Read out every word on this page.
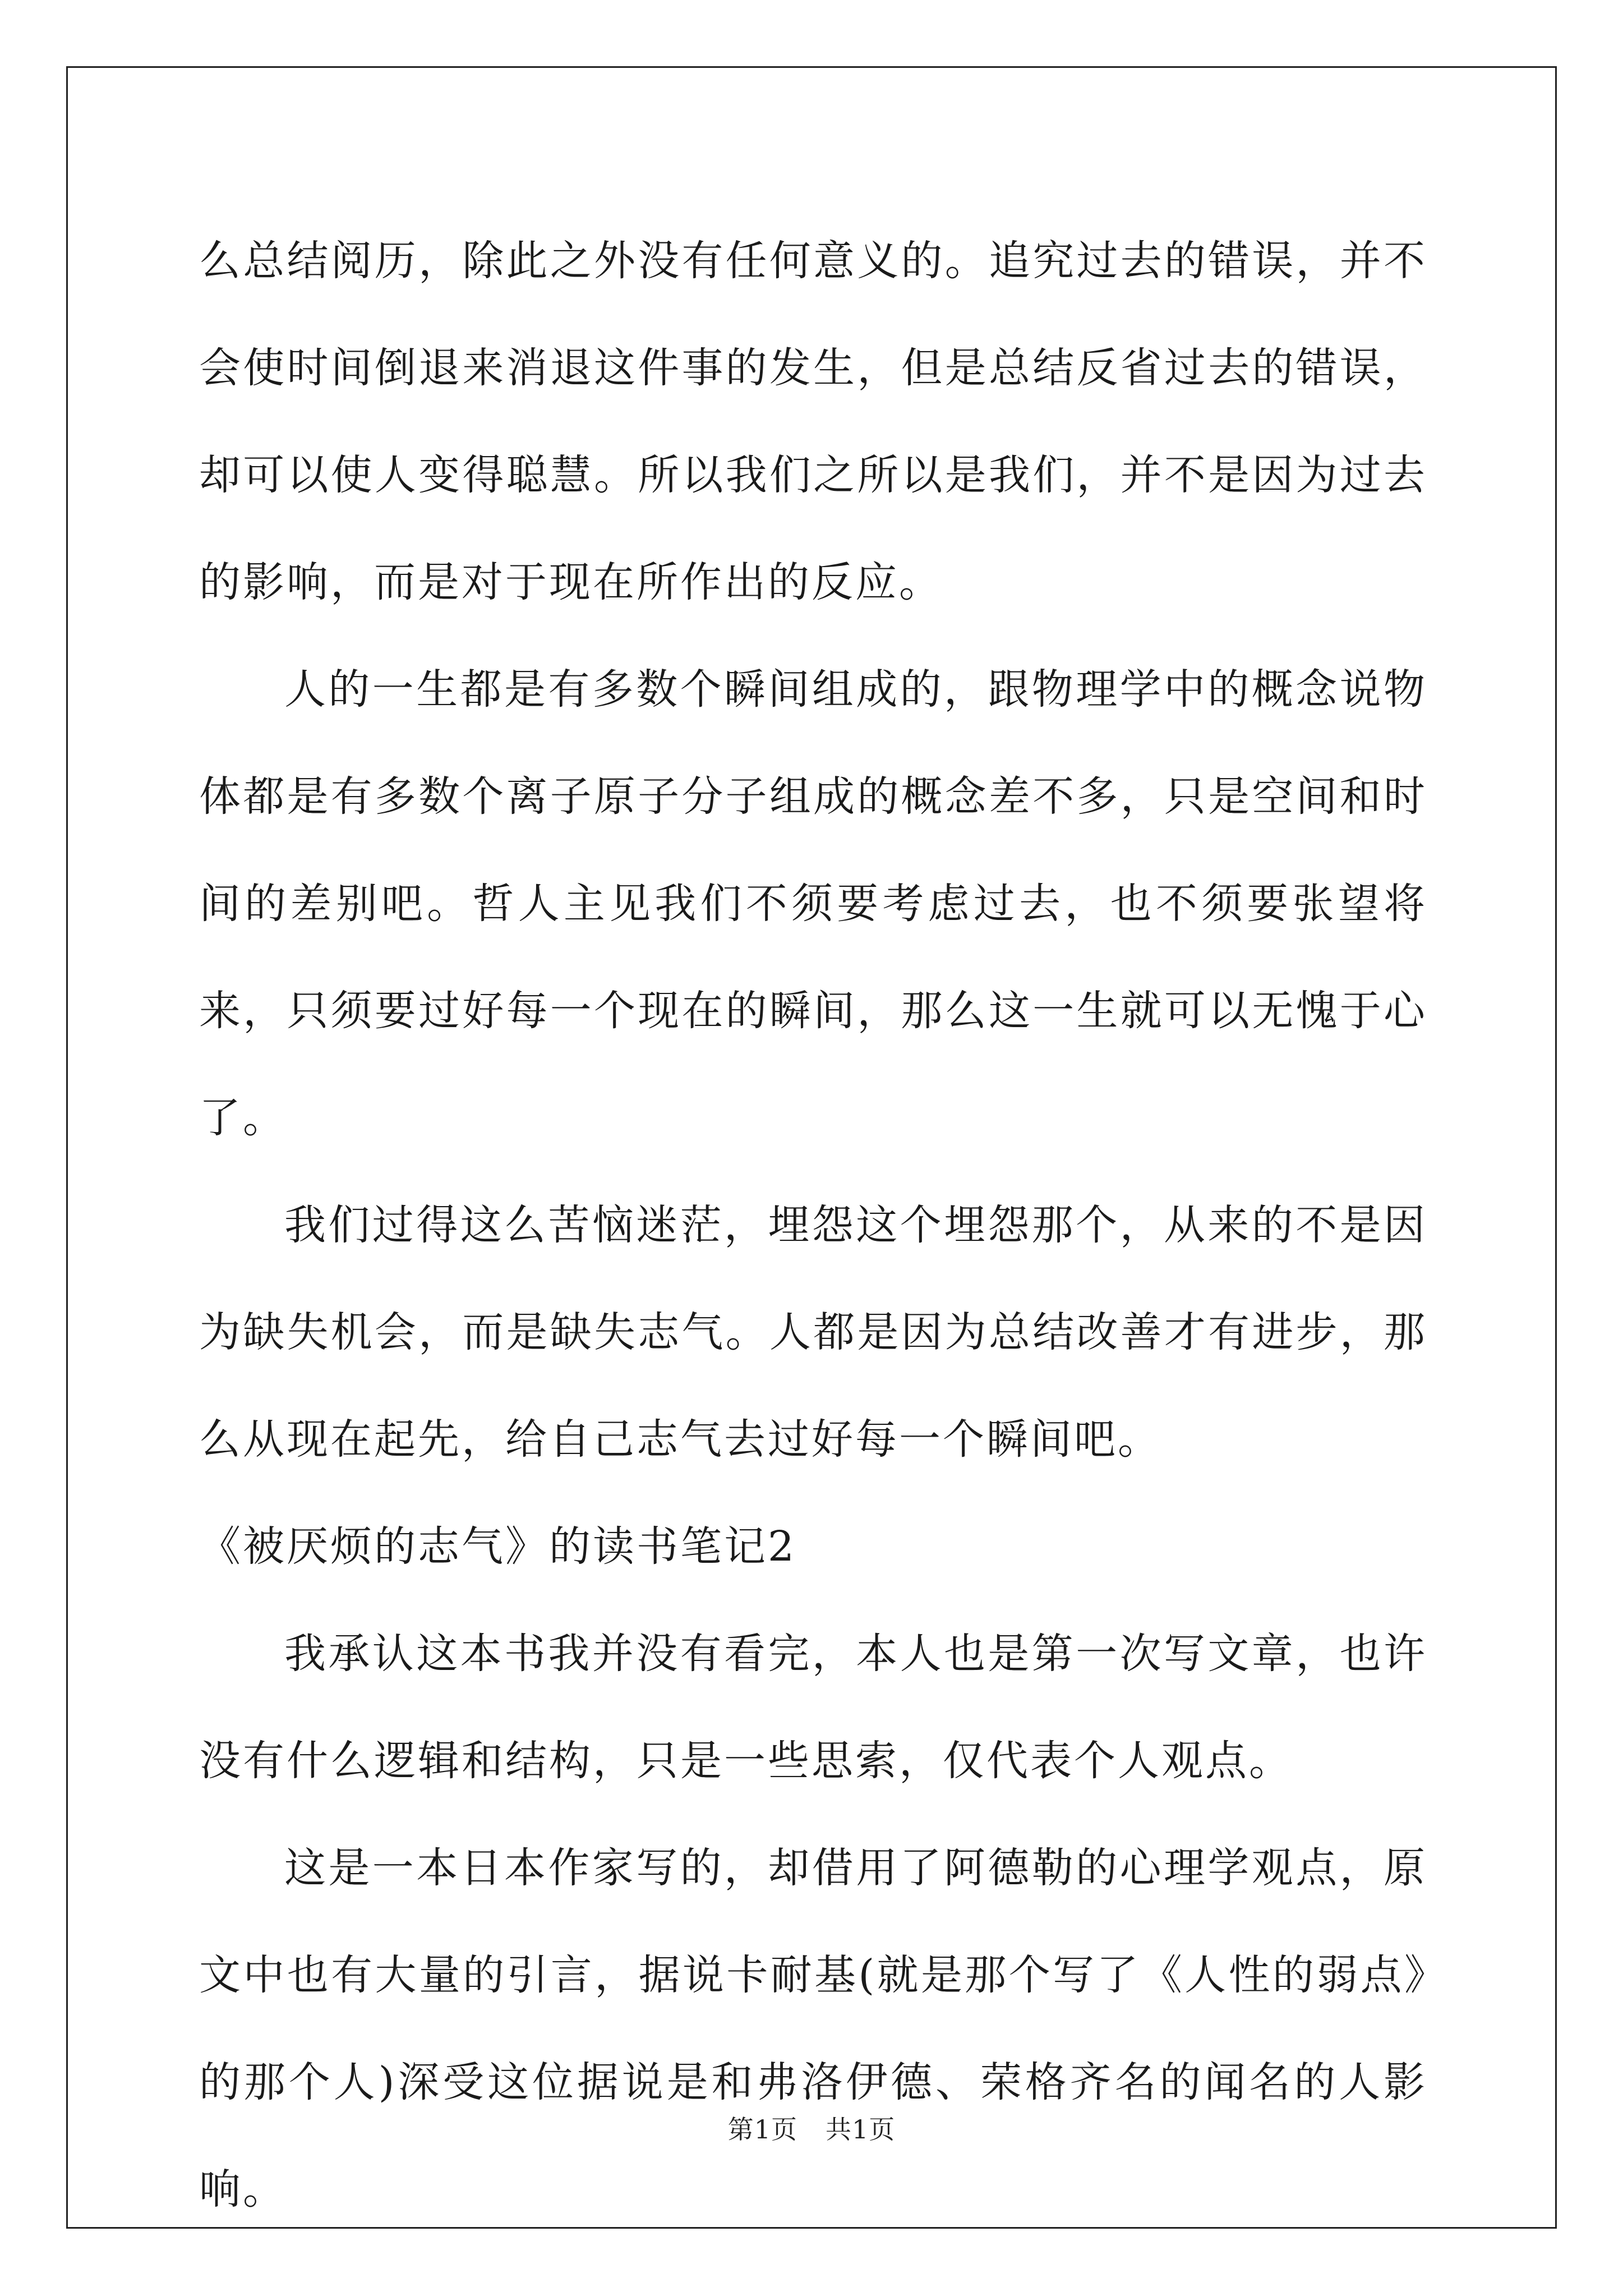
么总结阅历，除此之外没有任何意义的。追究过去的错误，并不会使时间倒退来消退这件事的发生，但是总结反省过去的错误，却可以使人变得聪慧。所以我们之所以是我们，并不是因为过去的影响，而是对于现在所作出的反应。

人的一生都是有多数个瞬间组成的，跟物理学中的概念说物体都是有多数个离子原子分子组成的概念差不多，只是空间和时间的差别吧。哲人主见我们不须要考虑过去，也不须要张望将来，只须要过好每一个现在的瞬间，那么这一生就可以无愧于心了。

我们过得这么苦恼迷茫，埋怨这个埋怨那个，从来的不是因为缺失机会，而是缺失志气。人都是因为总结改善才有进步，那么从现在起先，给自己志气去过好每一个瞬间吧。

《被厌烦的志气》的读书笔记2

我承认这本书我并没有看完，本人也是第一次写文章，也许没有什么逻辑和结构，只是一些思索，仅代表个人观点。

这是一本日本作家写的，却借用了阿德勒的心理学观点，原文中也有大量的引言，据说卡耐基(就是那个写了《人性的弱点》的那个人)深受这位据说是和弗洛伊德、荣格齐名的闻名的人影响。

第1页 共1页
